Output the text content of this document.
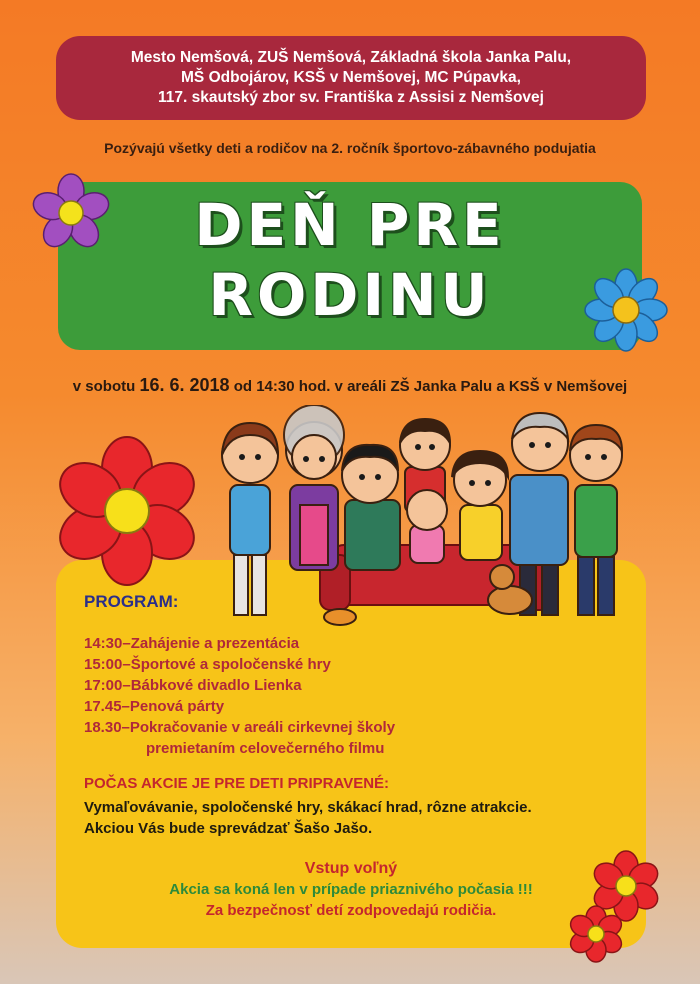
Mesto Nemšová, ZUŠ Nemšová, Základná škola Janka Palu,
MŠ Odbojárov, KSŠ v Nemšovej, MC Púpavka,
117. skautský zbor sv. Františka z Assisi z Nemšovej
Pozývajú všetky deti a rodičov na 2. ročník športovo-zábavného podujatia
DEŇ PRE
RODINU
v sobotu 16. 6. 2018 od 14:30 hod. v areáli ZŠ Janka Palu a KSŠ v Nemšovej
PROGRAM:
14:30 – Zahájenie a prezentácia
15:00 – Športové a spoločenské hry
17:00 – Bábkové divadlo Lienka
17.45 – Penová párty
18.30 – Pokračovanie v areáli cirkevnej školy
premietaním celovečerného filmu
POČAS AKCIE JE PRE DETI PRIPRAVENÉ:
Vymaľovávanie, spoločenské hry, skákací hrad, rôzne atrakcie.
Akciou Vás bude sprevádzať Šašo Jašo.
Vstup voľný
Akcia sa koná len v prípade priaznivého počasia !!!
Za bezpečnosť detí zodpovedajú rodičia.
